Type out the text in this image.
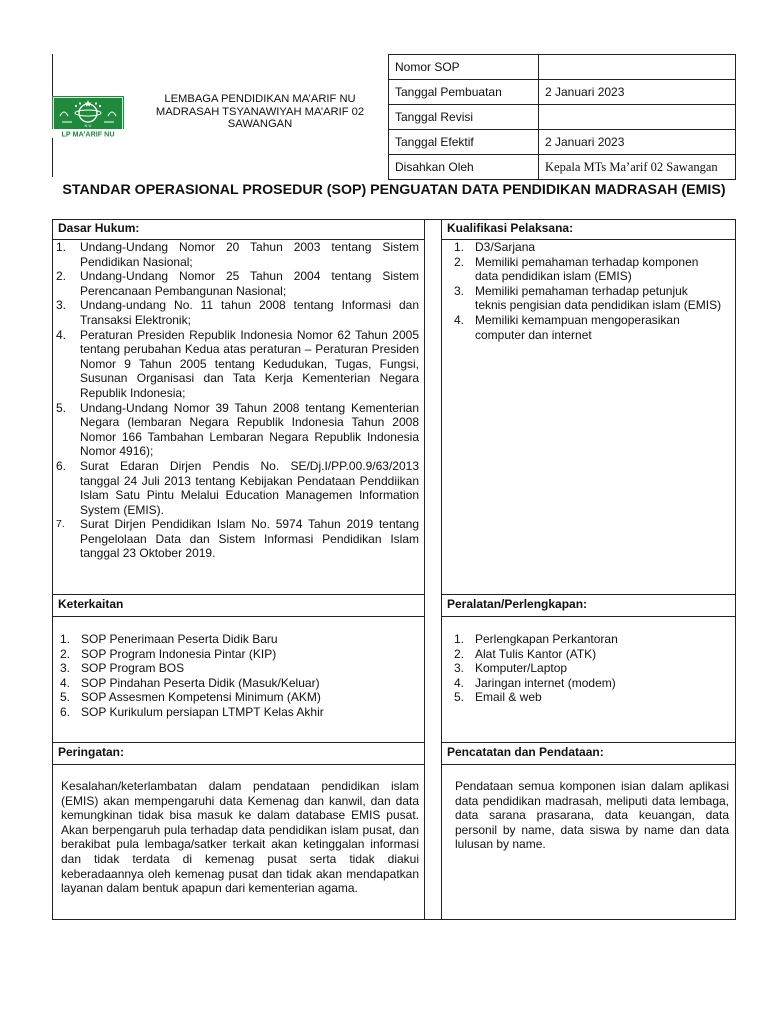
N U
LP MA'ARIF NU
LEMBAGA PENDIDIKAN MA’ARIF NU
MADRASAH TSYANAWIYAH MA’ARIF 02
SAWANGAN
Nomor SOP	
Tanggal Pembuatan	2 Januari 2023
Tanggal Revisi	
Tanggal Efektif	2 Januari 2023
Disahkan Oleh	Kepala MTs Ma’arif 02 Sawangan
STANDAR OPERASIONAL PROSEDUR (SOP) PENGUATAN DATA PENDIDIKAN MADRASAH (EMIS)
Dasar Hukum:
1. Undang-Undang Nomor 20 Tahun 2003 tentang Sistem Pendidikan Nasional;
2. Undang-Undang Nomor 25 Tahun 2004 tentang Sistem Perencanaan Pembangunan Nasional;
3. Undang-undang No. 11 tahun 2008 tentang Informasi dan Transaksi Elektronik;
4. Peraturan Presiden Republik Indonesia Nomor 62 Tahun 2005 tentang perubahan Kedua atas peraturan – Peraturan Presiden Nomor 9 Tahun 2005 tentang Kedudukan, Tugas, Fungsi, Susunan Organisasi dan Tata Kerja Kementerian Negara Republik Indonesia;
5. Undang-Undang Nomor 39 Tahun 2008 tentang Kementerian Negara (lembaran Negara Republik Indonesia Tahun 2008 Nomor 166 Tambahan Lembaran Negara Republik Indonesia Nomor 4916);
6. Surat Edaran Dirjen Pendis No. SE/Dj.I/PP.00.9/63/2013 tanggal 24 Juli 2013 tentang Kebijakan Pendataan Penddiikan Islam Satu Pintu Melalui Education Managemen Information System (EMIS).
7. Surat Dirjen Pendidikan Islam No. 5974 Tahun 2019 tentang Pengelolaan Data dan Sistem Informasi Pendidikan Islam tanggal 23 Oktober 2019.
Kualifikasi Pelaksana:
1. D3/Sarjana
2. Memiliki pemahaman terhadap komponen data pendidikan islam (EMIS)
3. Memiliki pemahaman terhadap petunjuk teknis pengisian data pendidikan islam (EMIS)
4. Memiliki kemampuan mengoperasikan computer dan internet
Keterkaitan
1. SOP Penerimaan Peserta Didik Baru
2. SOP Program Indonesia Pintar (KIP)
3. SOP Program BOS
4. SOP Pindahan Peserta Didik (Masuk/Keluar)
5. SOP Assesmen Kompetensi Minimum (AKM)
6. SOP Kurikulum persiapan LTMPT Kelas Akhir
Peralatan/Perlengkapan:
1. Perlengkapan Perkantoran
2. Alat Tulis Kantor (ATK)
3. Komputer/Laptop
4. Jaringan internet (modem)
5. Email & web
Peringatan:
Kesalahan/keterlambatan dalam pendataan pendidikan islam (EMIS) akan mempengaruhi data Kemenag dan kanwil, dan data kemungkinan tidak bisa masuk ke dalam database EMIS pusat. Akan berpengaruh pula terhadap data pendidikan islam pusat, dan berakibat pula lembaga/satker terkait akan ketinggalan informasi dan tidak terdata di kemenag pusat serta tidak diakui keberadaannya oleh kemenag pusat dan tidak akan mendapatkan layanan dalam bentuk apapun dari kementerian agama.
Pencatatan dan Pendataan:
Pendataan semua komponen isian dalam aplikasi data pendidikan madrasah, meliputi data lembaga, data sarana prasarana, data keuangan, data personil by name, data siswa by name dan data lulusan by name.
